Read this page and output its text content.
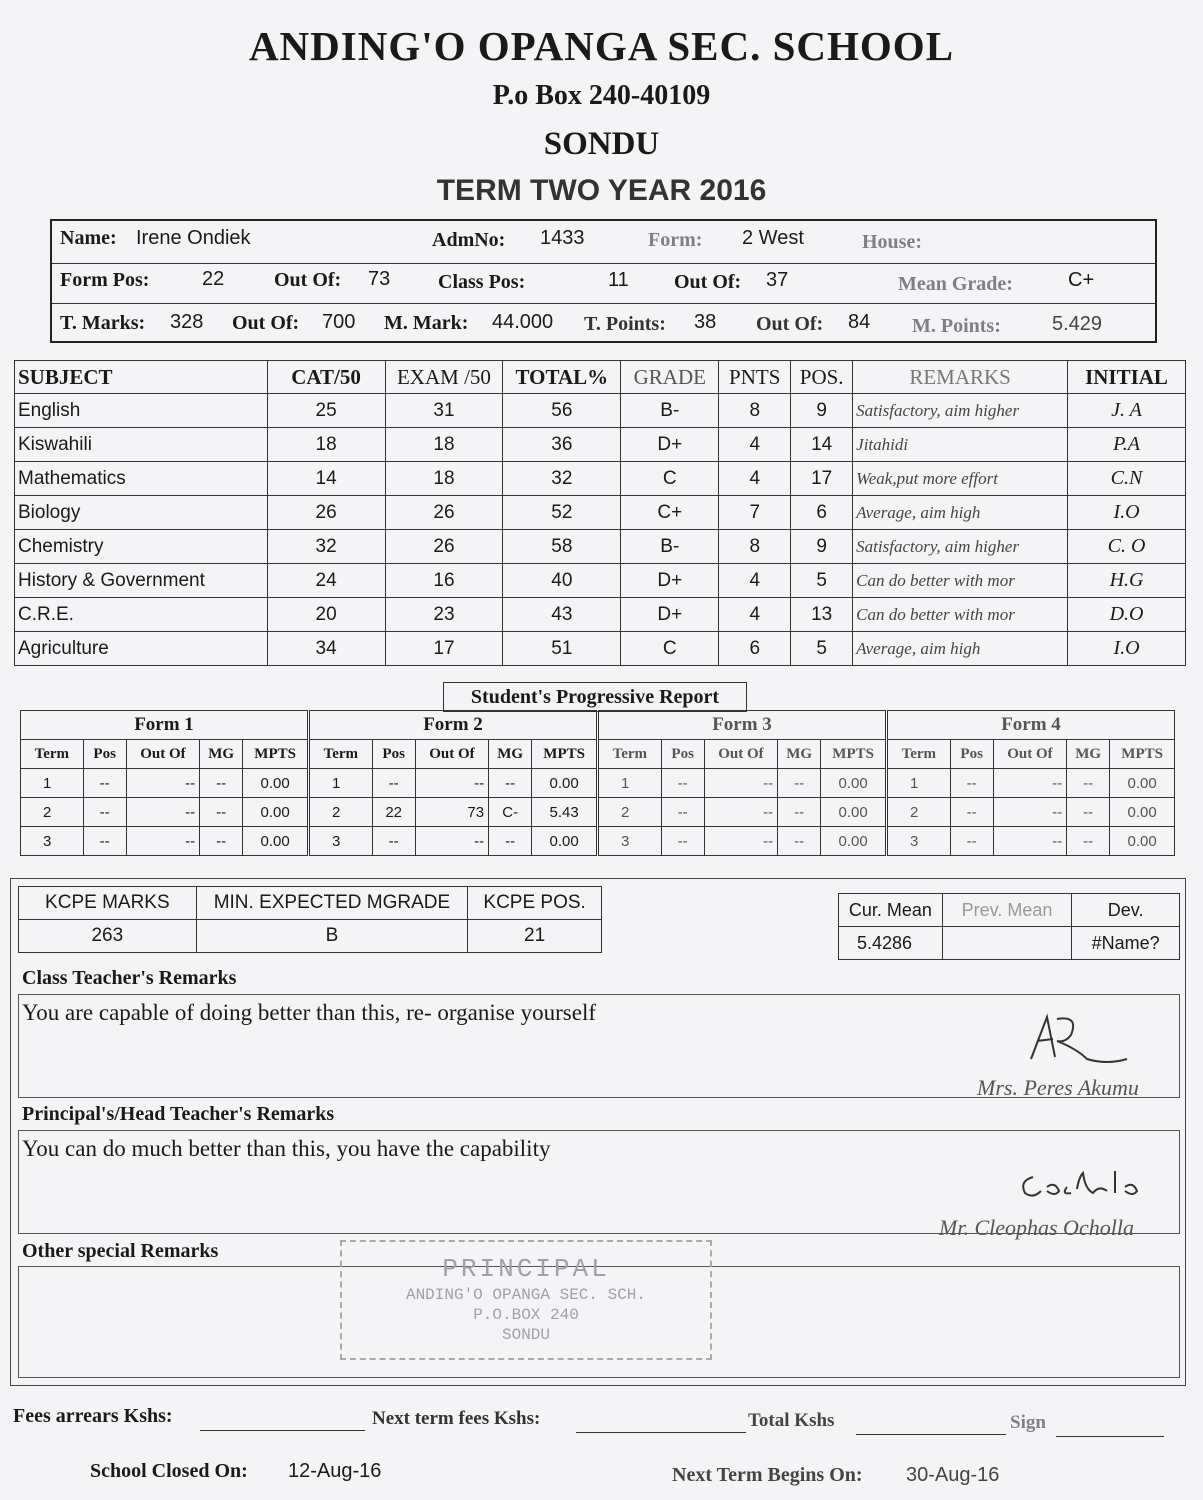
ANDING'O OPANGA SEC. SCHOOL
P.o Box 240-40109
SONDU
TERM TWO YEAR 2016
Name: Irene Ondiek	AdmNo: 1433	Form: 2 West	House:
Form Pos:	22 Out Of: 73 Class Pos:	11 Out Of: 37	Mean Grade:	C+
T. Marks: 328 Out Of: 700 M. Mark: 44.000 T. Points: 38 Out Of: 84 M. Points:	5.429
SUBJECT	CAT/50	EXAM /50	TOTAL%	GRADE	PNTS	POS.	REMARKS	INITIAL
English	25	31	56	B-	8	9	Satisfactory, aim higher	J. A
Kiswahili	18	18	36	D+	4	14	Jitahidi	P.A
Mathematics	14	18	32	C	4	17	Weak,put more effort	C.N
Biology	26	26	52	C+	7	6	Average, aim high	I.O
Chemistry	32	26	58	B-	8	9	Satisfactory, aim higher	C. O
History & Government	24	16	40	D+	4	5	Can do better with mor	H.G
C.R.E.	20	23	43	D+	4	13	Can do better with mor	D.O
Agriculture	34	17	51	C	6	5	Average, aim high	I.O
Student's Progressive Report
Form 1				
Term	Pos	Out Of	MG	MPTS
1	--	--	--	0.00
2	--	--	--	0.00
3	--	--	--	0.00
Form 2				
Term	Pos	Out Of	MG	MPTS
1	--	--	--	0.00
2	22	73	C-	5.43
3	--	--	--	0.00
Form 3				
Term	Pos	Out Of	MG	MPTS
1	--	--	--	0.00
2	--	--	--	0.00
3	--	--	--	0.00
Form 4				
Term	Pos	Out Of	MG	MPTS
1	--	--	--	0.00
2	--	--	--	0.00
3	--	--	--	0.00
KCPE MARKS	MIN. EXPECTED MGRADE	KCPE POS.
263	B	21
Cur. Mean	Prev. Mean	Dev.
5.4286		#Name?
Class Teacher's Remarks
You are capable of doing better than this, re- organise yourself
Mrs. Peres Akumu
Principal's/Head Teacher's Remarks
You can do much better than this, you have the capability
Mr. Cleophas Ocholla
Other special Remarks
PRINCIPAL
ANDING'O OPANGA SEC. SCH.
P.O.BOX 240
SONDU
Fees arrears Kshs:	Next term fees Kshs:	Total Kshs	Sign
School Closed On: 12-Aug-16	Next Term Begins On: 30-Aug-16
